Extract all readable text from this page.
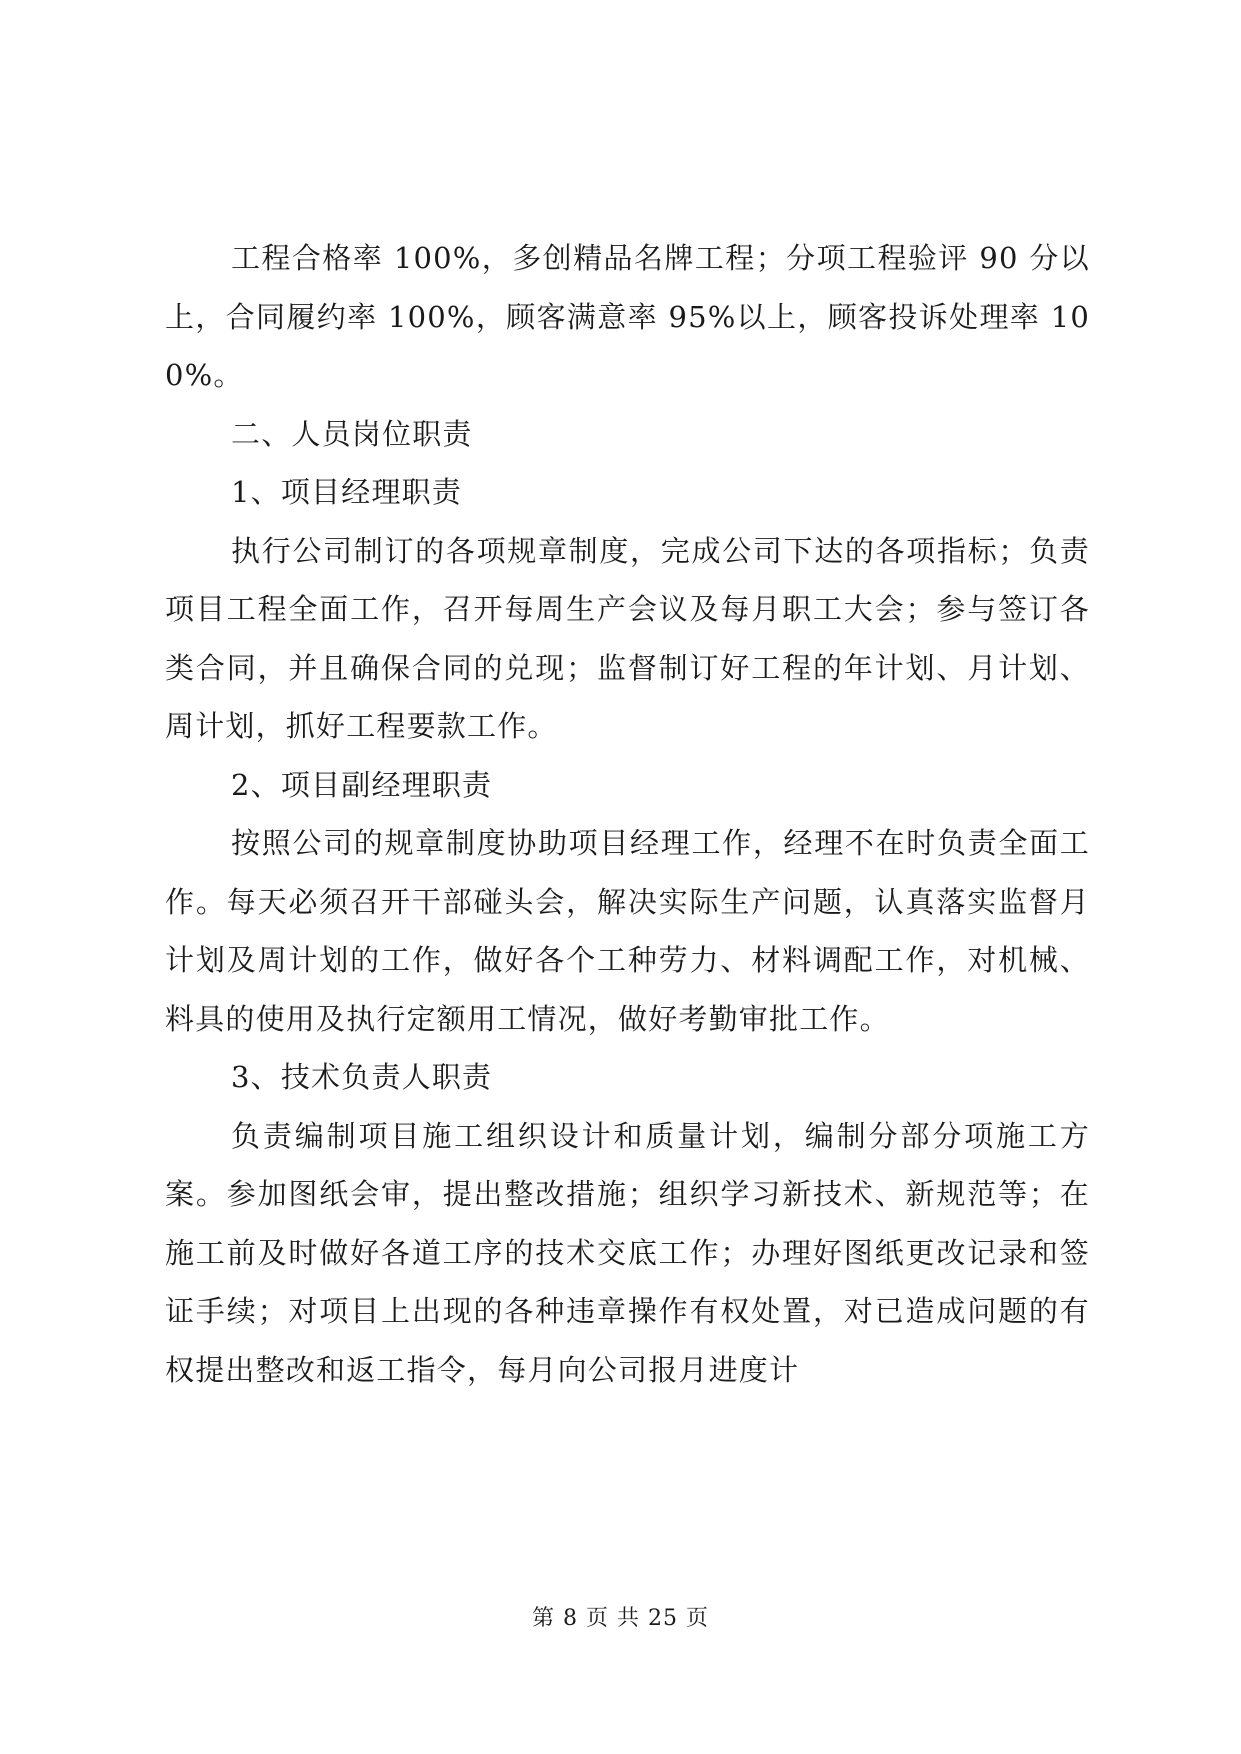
工程合格率 100%，多创精品名牌工程；分项工程验评 90 分以上，合同履约率 100%，顾客满意率 95%以上，顾客投诉处理率 100%。

二、人员岗位职责

1、项目经理职责

执行公司制订的各项规章制度，完成公司下达的各项指标；负责项目工程全面工作，召开每周生产会议及每月职工大会；参与签订各类合同，并且确保合同的兑现；监督制订好工程的年计划、月计划、周计划，抓好工程要款工作。

2、项目副经理职责

按照公司的规章制度协助项目经理工作，经理不在时负责全面工作。每天必须召开干部碰头会，解决实际生产问题，认真落实监督月计划及周计划的工作，做好各个工种劳力、材料调配工作，对机械、料具的使用及执行定额用工情况，做好考勤审批工作。

3、技术负责人职责

负责编制项目施工组织设计和质量计划，编制分部分项施工方案。参加图纸会审，提出整改措施；组织学习新技术、新规范等；在施工前及时做好各道工序的技术交底工作；办理好图纸更改记录和签证手续；对项目上出现的各种违章操作有权处置，对已造成问题的有权提出整改和返工指令，每月向公司报月进度计

第 8 页 共 25 页
